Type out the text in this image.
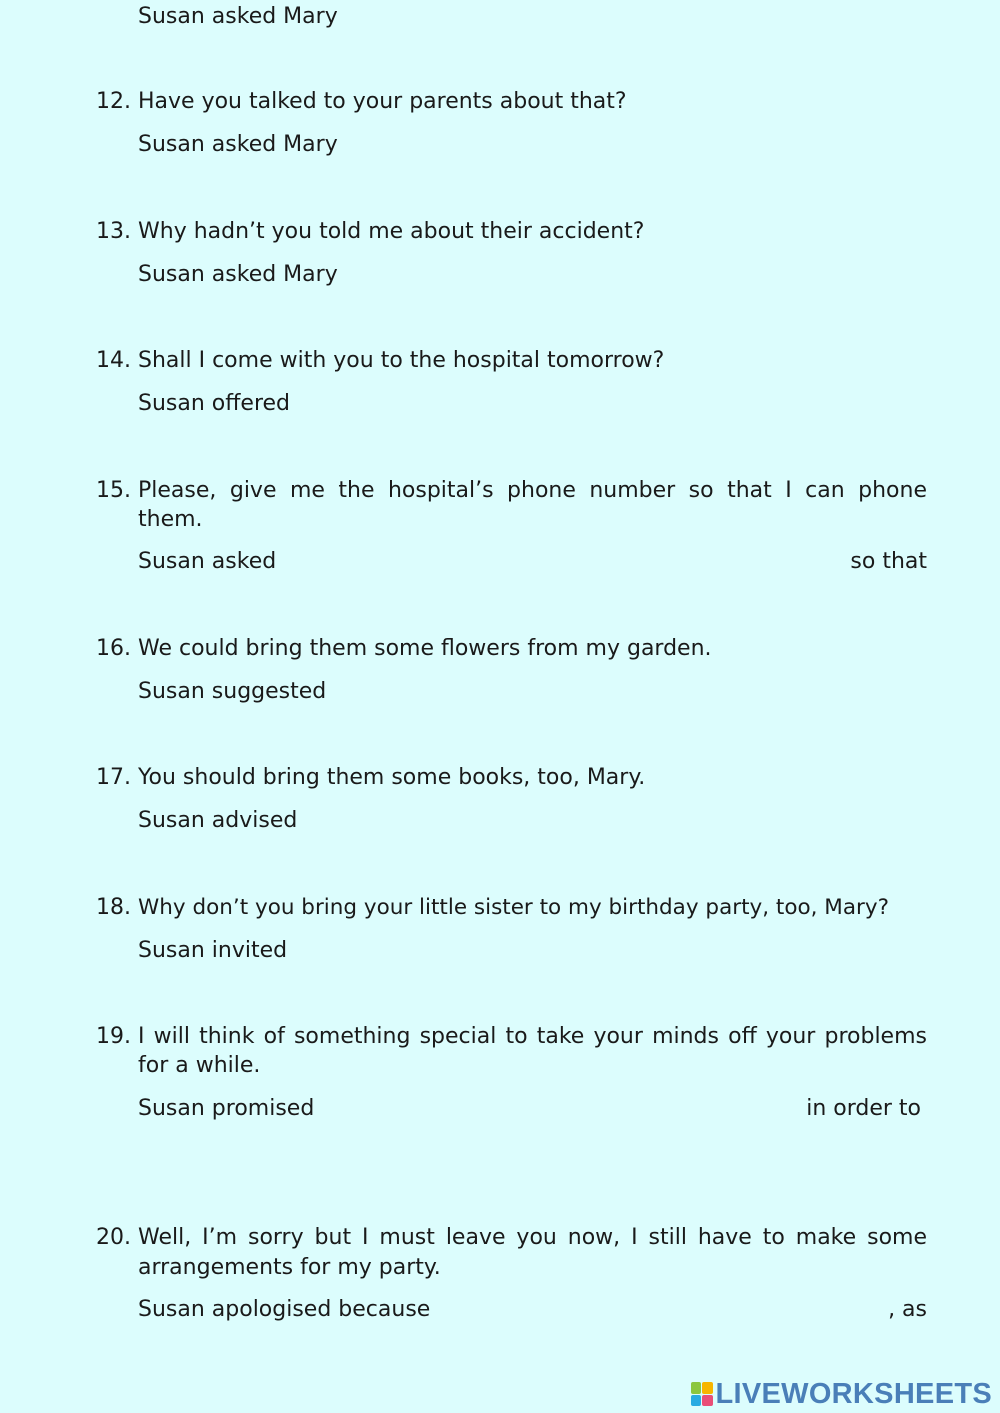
Susan asked Mary
12. Have you talked to your parents about that?
Susan asked Mary
13. Why hadn’t you told me about their accident?
Susan asked Mary
14. Shall I come with you to the hospital tomorrow?
Susan offered
15. Please, give me the hospital’s phone number so that I can phone
them.
Susan asked	so that
16. We could bring them some flowers from my garden.
Susan suggested
17. You should bring them some books, too, Mary.
Susan advised
18. Why don’t you bring your little sister to my birthday party, too, Mary?
Susan invited
19. I will think of something special to take your minds off your problems
for a while.
Susan promised	in order to
20. Well, I’m sorry but I must leave you now, I still have to make some
arrangements for my party.
Susan apologised because	, as
LIVEWORKSHEETS
